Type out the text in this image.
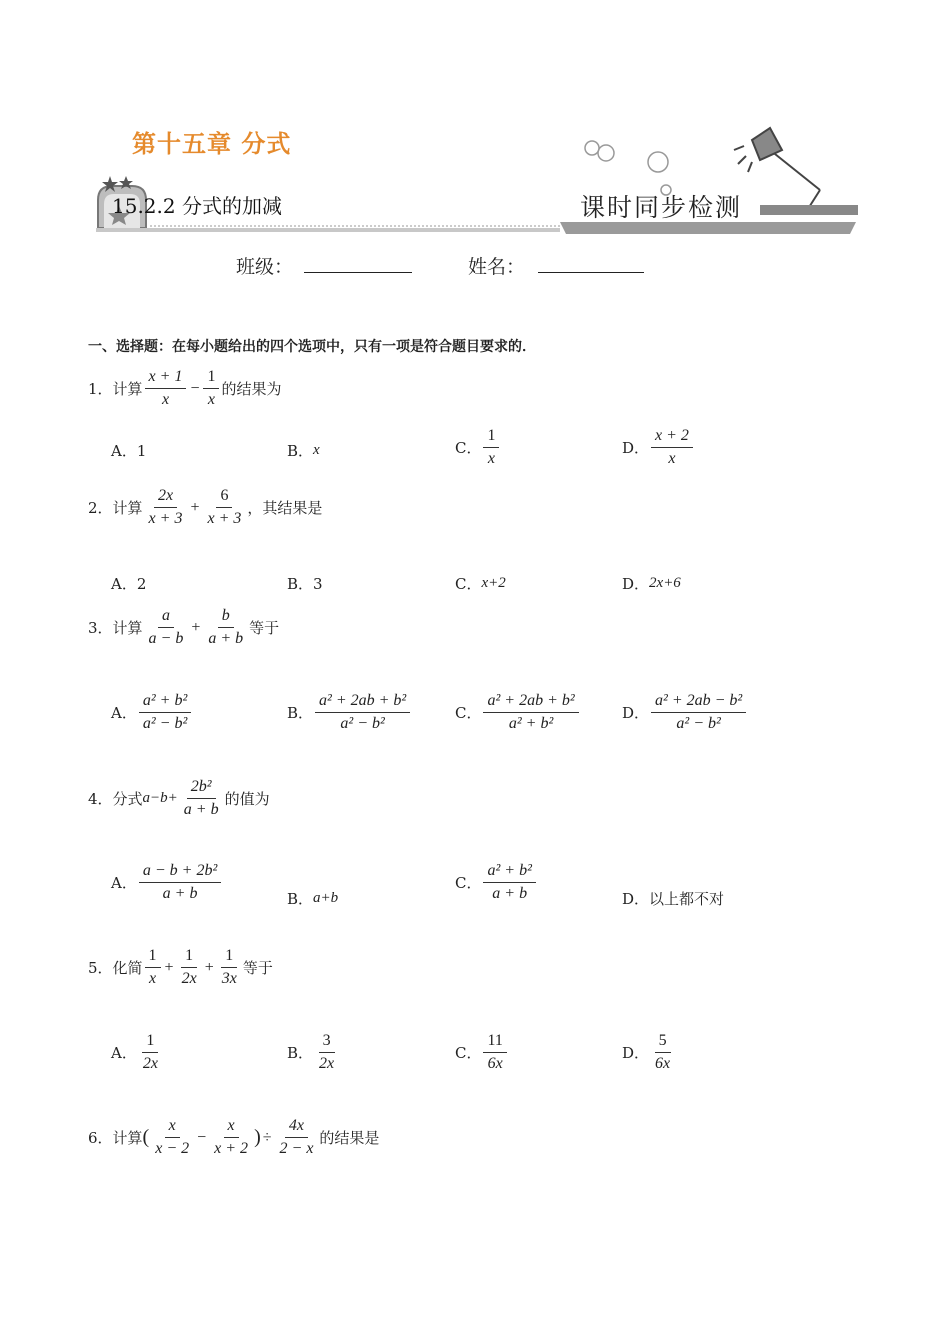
第十五章 分式
15.2.2 分式的加减	课时同步检测
班级：	姓名：
一、选择题：在每小题给出的四个选项中，只有一项是符合题目要求的．
1．计算 $\frac{x + 1}{x} - \frac{1}{x}$ 的结果为
A． 1	B． x	C． $\frac{1}{x}$	D． $\frac{x + 2}{x}$
2．计算 $\frac{2x}{x + 3} + \frac{6}{x + 3}$ ，其结果是
A． 2	B． 3	C． x+2	D． 2x+6
3．计算 $\frac{a}{a - b} + \frac{b}{a + b}$ 等于
A． $\frac{\text{a² + b²}}{\text{a² − b²}}$	B． $\frac{\text{a² + 2ab + b²}}{\text{a² − b²}}$	C． $\frac{\text{a² + 2ab + b²}}{\text{a² + b²}}$	D． $\frac{\text{a² + 2ab − b²}}{\text{a² − b²}}$
4．分式 $a-b+ \frac{\text{2b²}}{a + b}$ 的值为
A． $\frac{\text{a − b + 2b²}}{a + b}$	B． a+b
C． $\frac{\text{a² + b²}}{a + b}$	D． 以上都不对
5．化简 $\frac{1}{x} + \frac{1}{2x} + \frac{1}{3x}$ 等于
A． $\frac{1}{2x}$	B． $\frac{3}{2x}$	C． $\frac{11}{6x}$	D． $\frac{5}{6x}$
6．计算 ( $\frac{x}{x - 2} - \frac{x}{x + 2}$ ) ÷ $\frac{4x}{2 - x}$ 的结果是
